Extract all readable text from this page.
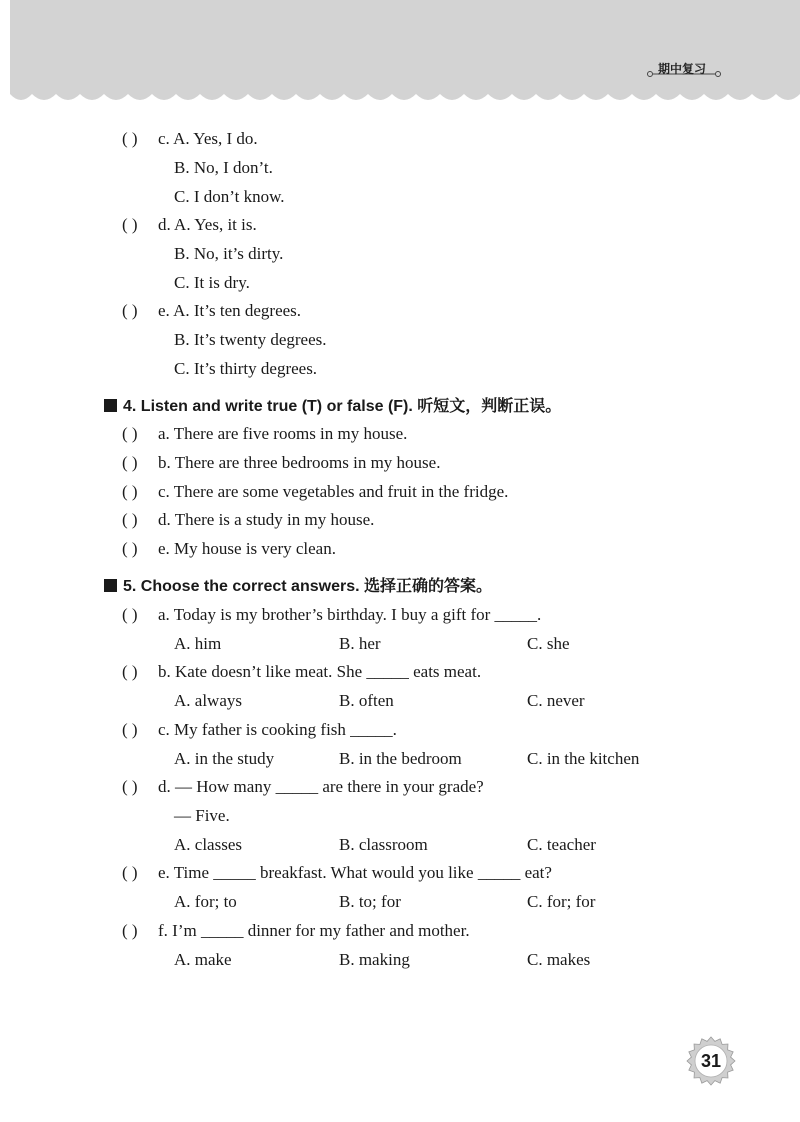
期中复习
( ) c. A. Yes, I do.
B. No, I don’t.
C. I don’t know.
( ) d. A. Yes, it is.
B. No, it’s dirty.
C. It is dry.
( ) e. A. It’s ten degrees.
B. It’s twenty degrees.
C. It’s thirty degrees.
4. Listen and write true (T) or false (F). 听短文，判断正误。
( ) a. There are five rooms in my house.
( ) b. There are three bedrooms in my house.
( ) c. There are some vegetables and fruit in the fridge.
( ) d. There is a study in my house.
( ) e. My house is very clean.
5. Choose the correct answers. 选择正确的答案。
( ) a. Today is my brother’s birthday. I buy a gift for _____.
A. him	B. her	C. she
( ) b. Kate doesn’t like meat. She _____ eats meat.
A. always	B. often	C. never
( ) c. My father is cooking fish _____.
A. in the study	B. in the bedroom	C. in the kitchen
( ) d. — How many _____ are there in your grade?
— Five.
A. classes	B. classroom	C. teacher
( ) e. Time _____ breakfast. What would you like _____ eat?
A. for; to	B. to; for	C. for; for
( ) f. I’m _____ dinner for my father and mother.
A. make	B. making	C. makes
31
